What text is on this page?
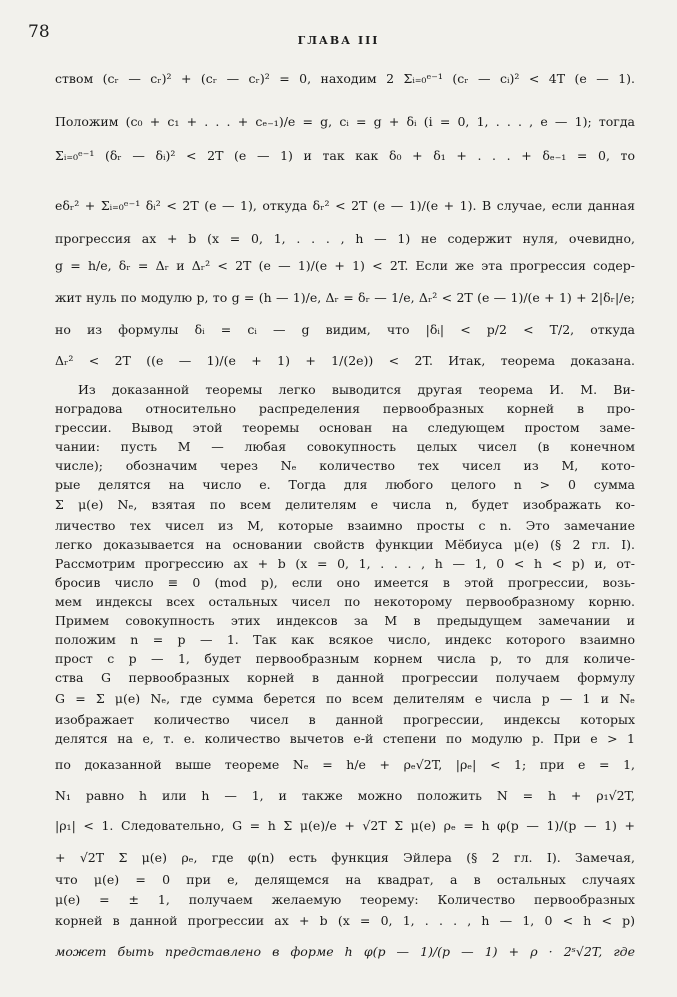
78	ГЛАВА III
ством (cᵣ — cᵣ)² + (cᵣ — cᵣ)² = 0, находим 2 Σᵢ₌₀ᵉ⁻¹ (cᵣ — cᵢ)² < 4T (e — 1).
Положим (c₀ + c₁ + . . . + cₑ₋₁)/e = g, cᵢ = g + δᵢ (i = 0, 1, . . . , e — 1); тогда
Σᵢ₌₀ᵉ⁻¹ (δᵣ — δᵢ)² < 2T (e — 1) и так как δ₀ + δ₁ + . . . + δₑ₋₁ = 0, то
eδᵣ² + Σᵢ₌₀ᵉ⁻¹ δᵢ² < 2T (e — 1), откуда δᵣ² < 2T (e — 1)/(e + 1). В случае, если данная
прогрессия ax + b (x = 0, 1, . . . , h — 1) не содержит нуля, очевидно,
g = h/e, δᵣ = Δᵣ и Δᵣ² < 2T (e — 1)/(e + 1) < 2T. Если же эта прогрессия содер-
жит нуль по модулю p, то g = (h — 1)/e, Δᵣ = δᵣ — 1/e, Δᵣ² < 2T (e — 1)/(e + 1) + 2|δᵣ|/e;
но из формулы δᵢ = cᵢ — g видим, что |δᵢ| < p/2 < T/2, откуда
Δᵣ² < 2T ((e — 1)/(e + 1) + 1/(2e)) < 2T. Итак, теорема доказана.
Из доказанной теоремы легко выводится другая теорема И. М. Ви-
ноградова относительно распределения первообразных корней в про-
грессии. Вывод этой теоремы основан на следующем простом заме-
чании: пусть M — любая совокупность целых чисел (в конечном
числе); обозначим через Nₑ количество тех чисел из M, кото-
рые делятся на число e. Тогда для любого целого n > 0 сумма
Σ μ(e) Nₑ, взятая по всем делителям e числа n, будет изображать ко-
личество тех чисел из M, которые взаимно просты с n. Это замечание
легко доказывается на основании свойств функции Мёбиуса μ(e) (§ 2 гл. I).
Рассмотрим прогрессию ax + b (x = 0, 1, . . . , h — 1, 0 < h < p) и, от-
бросив число ≡ 0 (mod p), если оно имеется в этой прогрессии, возь-
мем индексы всех остальных чисел по некоторому первообразному корню.
Примем совокупность этих индексов за M в предыдущем замечании и
положим n = p — 1. Так как всякое число, индекс которого взаимно
прост с p — 1, будет первообразным корнем числа p, то для количе-
ства G первообразных корней в данной прогрессии получаем формулу
G = Σ μ(e) Nₑ, где сумма берется по всем делителям e числа p — 1 и Nₑ
изображает количество чисел в данной прогрессии, индексы которых
делятся на e, т. е. количество вычетов e-й степени по модулю p. При e > 1
по доказанной выше теореме Nₑ = h/e + ρₑ√2T, |ρₑ| < 1; при e = 1,
N₁ равно h или h — 1, и также можно положить N = h + ρ₁√2T,
|ρ₁| < 1. Следовательно, G = h Σ μ(e)/e + √2T Σ μ(e) ρₑ = h φ(p — 1)/(p — 1) +
+ √2T Σ μ(e) ρₑ, где φ(n) есть функция Эйлера (§ 2 гл. I). Замечая,
что μ(e) = 0 при e, делящемся на квадрат, а в остальных случаях
μ(e) = ± 1, получаем желаемую теорему: Количество первообразных
корней в данной прогрессии ax + b (x = 0, 1, . . . , h — 1, 0 < h < p)
может быть представлено в форме h φ(p — 1)/(p — 1) + ρ · 2ˢ√2T, где
